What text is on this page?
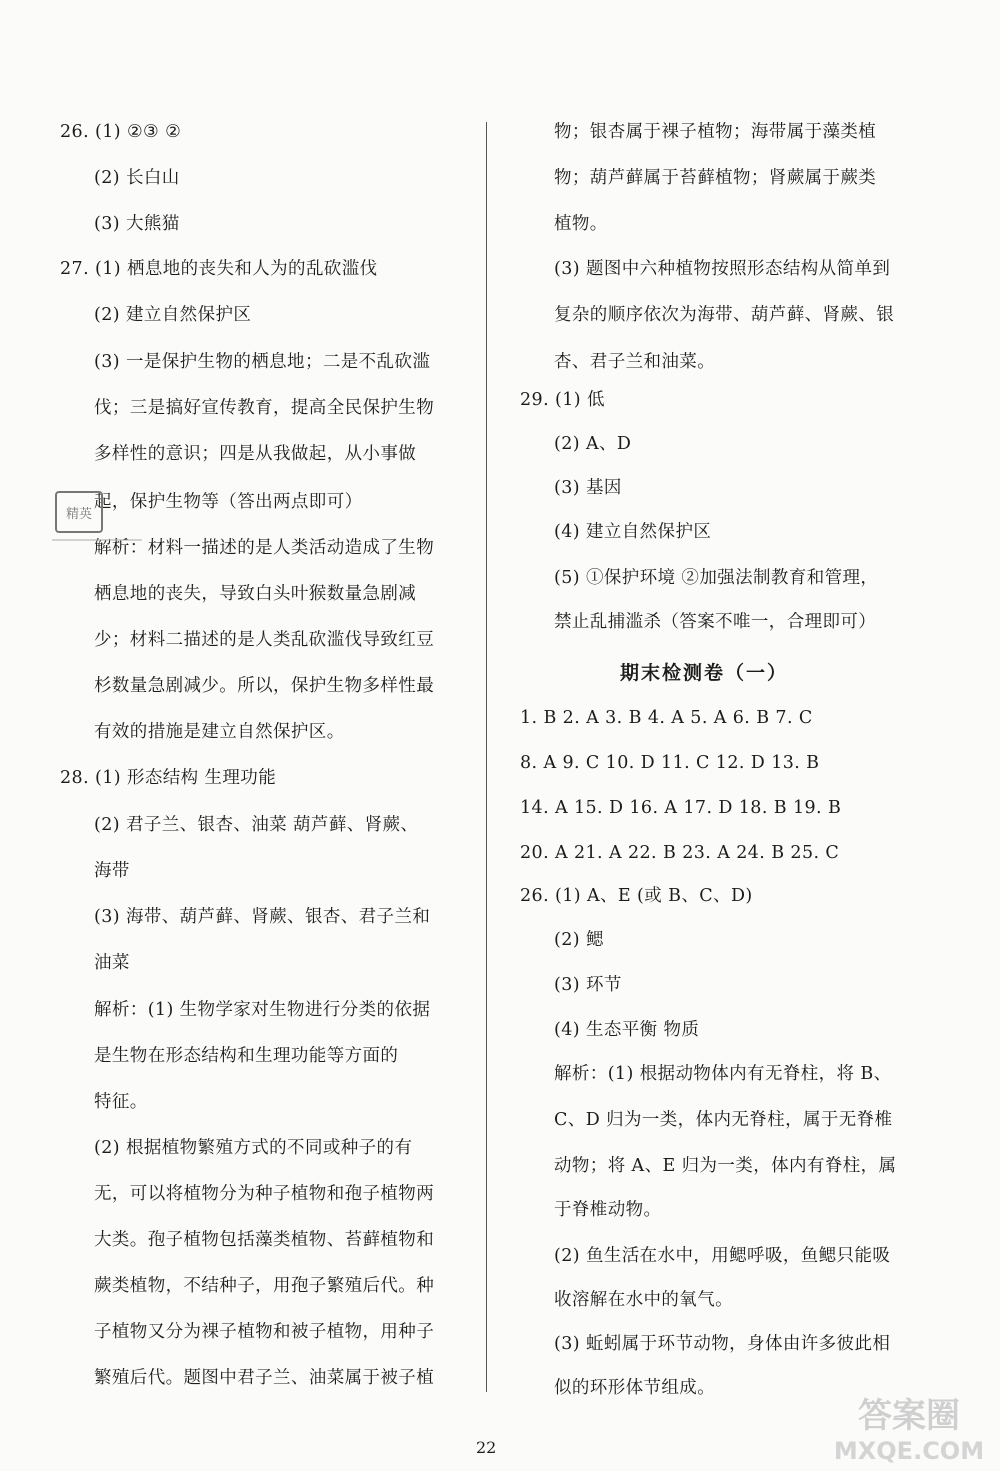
26. (1) ②③ ②
(2) 长白山
(3) 大熊猫
27. (1) 栖息地的丧失和人为的乱砍滥伐
(2) 建立自然保护区
(3) 一是保护生物的栖息地；二是不乱砍滥
伐；三是搞好宣传教育，提高全民保护生物
多样性的意识；四是从我做起，从小事做
起，保护生物等（答出两点即可）
解析：材料一描述的是人类活动造成了生物
栖息地的丧失，导致白头叶猴数量急剧减
少；材料二描述的是人类乱砍滥伐导致红豆
杉数量急剧减少。所以，保护生物多样性最
有效的措施是建立自然保护区。
28. (1) 形态结构 生理功能
(2) 君子兰、银杏、油菜 葫芦藓、肾蕨、
海带
(3) 海带、葫芦藓、肾蕨、银杏、君子兰和
油菜
解析：(1) 生物学家对生物进行分类的依据
是生物在形态结构和生理功能等方面的
特征。
(2) 根据植物繁殖方式的不同或种子的有
无，可以将植物分为种子植物和孢子植物两
大类。孢子植物包括藻类植物、苔藓植物和
蕨类植物，不结种子，用孢子繁殖后代。种
子植物又分为裸子植物和被子植物，用种子
繁殖后代。题图中君子兰、油菜属于被子植
物；银杏属于裸子植物；海带属于藻类植
物；葫芦藓属于苔藓植物；肾蕨属于蕨类
植物。
(3) 题图中六种植物按照形态结构从简单到
复杂的顺序依次为海带、葫芦藓、肾蕨、银
杏、君子兰和油菜。
29. (1) 低
(2) A、D
(3) 基因
(4) 建立自然保护区
(5) ①保护环境 ②加强法制教育和管理，
禁止乱捕滥杀（答案不唯一，合理即可）
1. B 2. A 3. B 4. A 5. A 6. B 7. C
8. A 9. C 10. D 11. C 12. D 13. B
14. A 15. D 16. A 17. D 18. B 19. B
20. A 21. A 22. B 23. A 24. B 25. C
26. (1) A、E (或 B、C、D)
(2) 鳃
(3) 环节
(4) 生态平衡 物质
解析：(1) 根据动物体内有无脊柱，将 B、
C、D 归为一类，体内无脊柱，属于无脊椎
动物；将 A、E 归为一类，体内有脊柱，属
于脊椎动物。
(2) 鱼生活在水中，用鳃呼吸，鱼鳃只能吸
收溶解在水中的氧气。
(3) 蚯蚓属于环节动物，身体由许多彼此相
似的环形体节组成。
期末检测卷（一）
22
精英
答案圈
MXQE.COM
